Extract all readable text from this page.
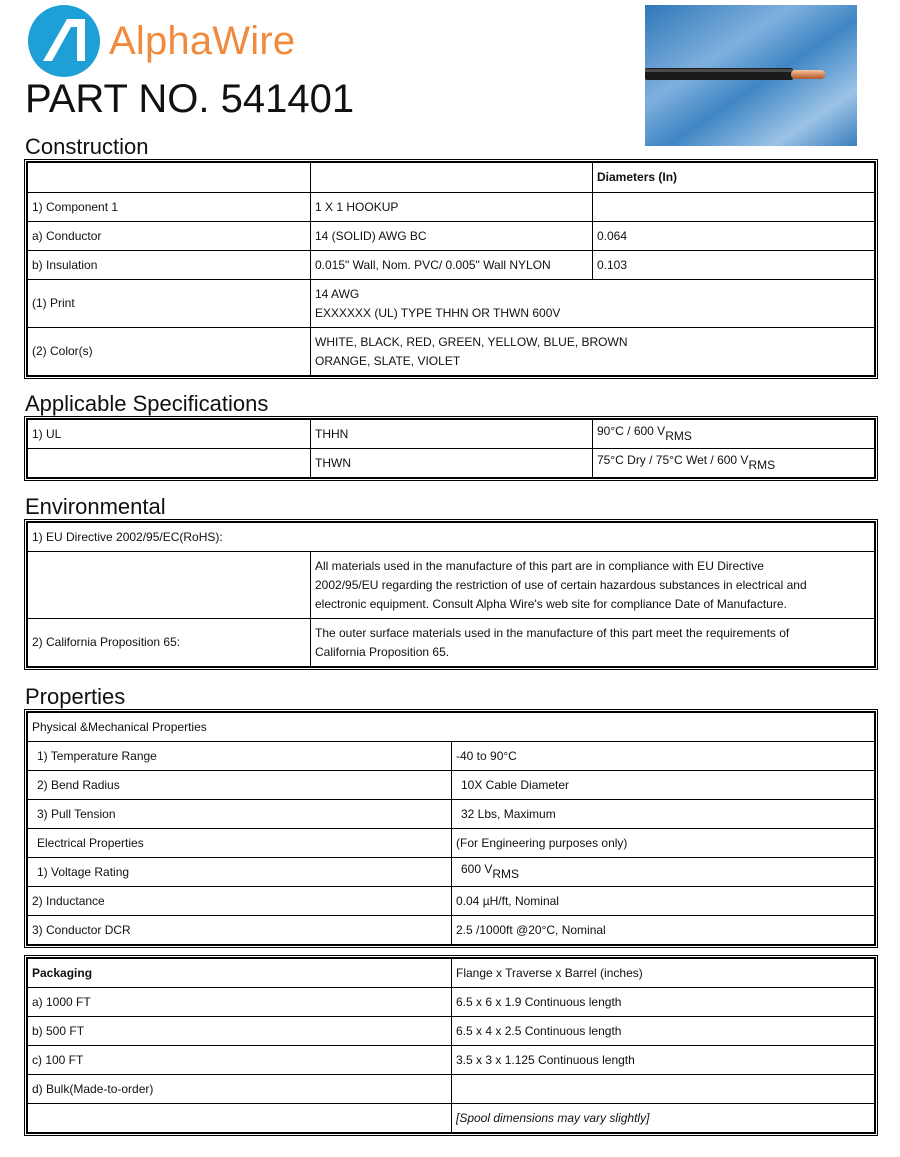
AlphaWire
PART NO. 541401
Construction
		Diameters (In)
1) Component 1	1 X 1 HOOKUP	
a) Conductor	14 (SOLID) AWG BC	0.064
b) Insulation	0.015" Wall, Nom. PVC/ 0.005" Wall NYLON	0.103
(1) Print	14 AWG
EXXXXXX (UL) TYPE THHN OR THWN 600V	

(2) Color(s)	WHITE, BLACK, RED, GREEN, YELLOW, BLUE, BROWN
ORANGE, SLATE, VIOLET	
Applicable Specifications
1) UL	THHN	90°C / 600 $V_{RMS}$
	THWN	75°C Dry / 75°C Wet / 600 $V_{RMS}$
Environmental
1) EU Directive 2002/95/EC(RoHS):	

	All materials used in the manufacture of this part are in compliance with EU Directive
2002/95/EU regarding the restriction of use of certain hazardous substances in electrical and
electronic equipment. Consult Alpha Wire's web site for compliance Date of Manufacture.

2) California Proposition 65:	The outer surface materials used in the manufacture of this part meet the requirements of
California Proposition 65.
Properties
Physical &Mechanical Properties	
1) Temperature Range	-40 to 90°C
2) Bend Radius	10X Cable Diameter
3) Pull Tension	32 Lbs, Maximum
Electrical Properties	(For Engineering purposes only)
1) Voltage Rating	600 $V_{RMS}$
2) Inductance	0.04 µH/ft, Nominal
3) Conductor DCR	2.5 /1000ft @20°C, Nominal
Packaging	Flange x Traverse x Barrel (inches)
a) 1000 FT	6.5 x 6 x 1.9 Continuous length
b) 500 FT	6.5 x 4 x 2.5 Continuous length
c) 100 FT	3.5 x 3 x 1.125 Continuous length
d) Bulk(Made-to-order)	
	[Spool dimensions may vary slightly]
